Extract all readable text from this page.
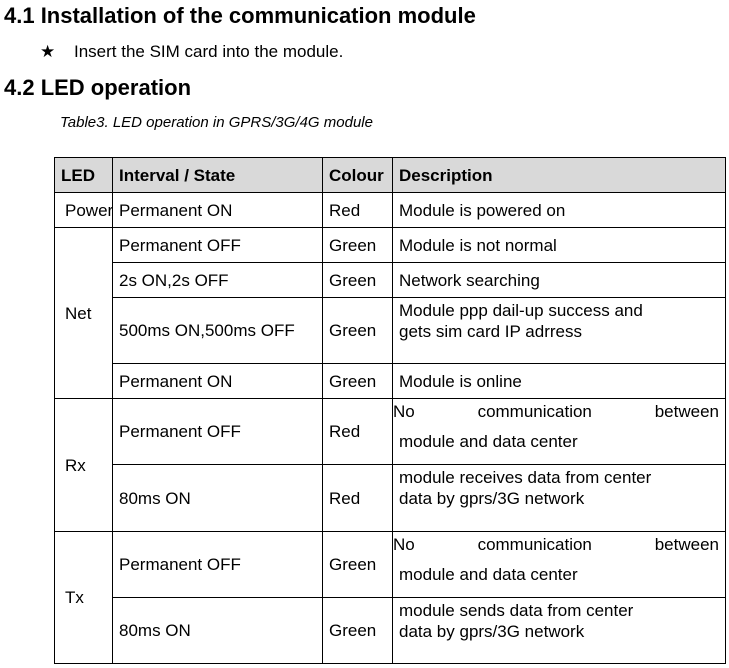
4.1 Installation of the communication module
★ Insert the SIM card into the module.
4.2 LED operation
Table3. LED operation in GPRS/3G/4G module
LED	Interval / State	Colour	Description
Power	Permanent ON	Red	Module is powered on
Net	Permanent OFF	Green	Module is not normal
	2s ON,2s OFF	Green	Network searching
	500ms ON,500ms OFF	Green	Module ppp dail-up success and
gets sim card IP adrress

	Permanent ON	Green	Module is online
Rx	Permanent OFF	Red	No communication between
module and data center

	80ms ON	Red	module receives data from center
data by gprs/3G network

Tx	Permanent OFF	Green	No communication between
module and data center

	80ms ON	Green	module sends data from center
data by gprs/3G network
